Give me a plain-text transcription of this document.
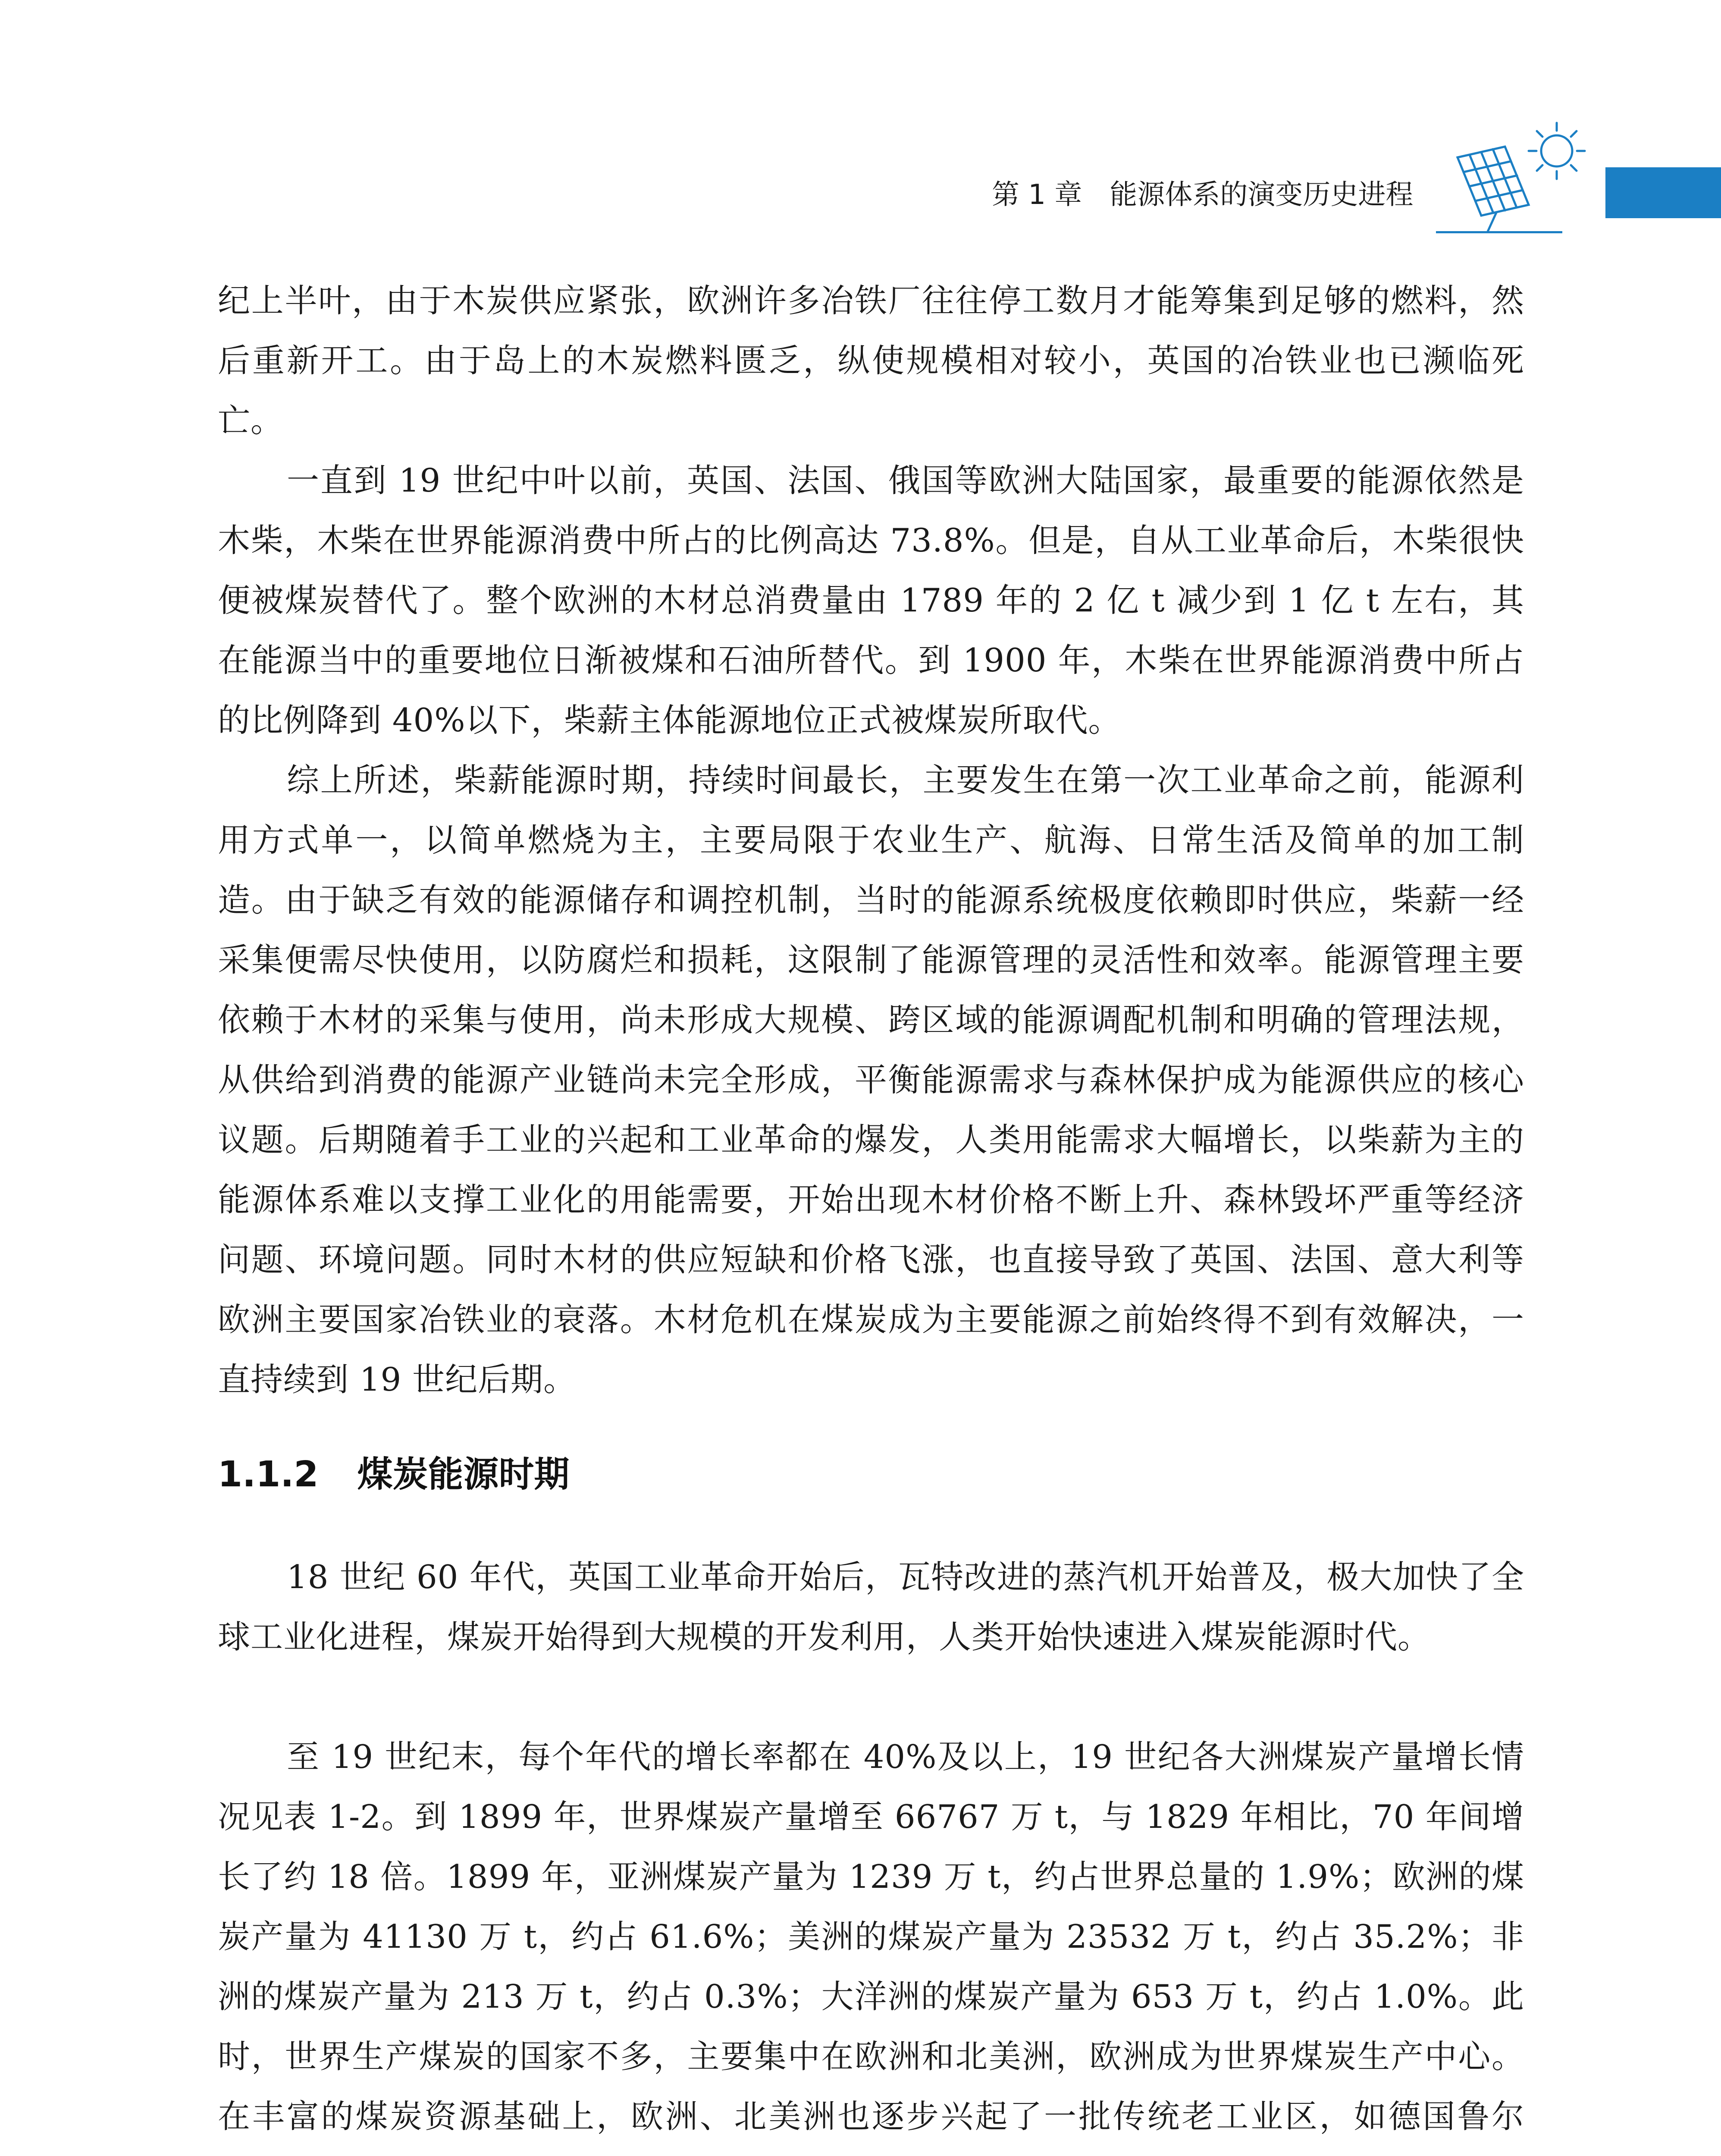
第 1 章　能源体系的演变历史进程

纪上半叶，由于木炭供应紧张，欧洲许多冶铁厂往往停工数月才能筹集到足够的燃料，然后重新开工。由于岛上的木炭燃料匮乏，纵使规模相对较小，英国的冶铁业也已濒临死亡。

一直到 19 世纪中叶以前，英国、法国、俄国等欧洲大陆国家，最重要的能源依然是木柴，木柴在世界能源消费中所占的比例高达 73.8%。但是，自从工业革命后，木柴很快便被煤炭替代了。整个欧洲的木材总消费量由 1789 年的 2 亿 t 减少到 1 亿 t 左右，其在能源当中的重要地位日渐被煤和石油所替代。到 1900 年，木柴在世界能源消费中所占的比例降到 40%以下，柴薪主体能源地位正式被煤炭所取代。

综上所述，柴薪能源时期，持续时间最长，主要发生在第一次工业革命之前，能源利用方式单一，以简单燃烧为主，主要局限于农业生产、航海、日常生活及简单的加工制造。由于缺乏有效的能源储存和调控机制，当时的能源系统极度依赖即时供应，柴薪一经采集便需尽快使用，以防腐烂和损耗，这限制了能源管理的灵活性和效率。能源管理主要依赖于木材的采集与使用，尚未形成大规模、跨区域的能源调配机制和明确的管理法规，从供给到消费的能源产业链尚未完全形成，平衡能源需求与森林保护成为能源供应的核心议题。后期随着手工业的兴起和工业革命的爆发，人类用能需求大幅增长，以柴薪为主的能源体系难以支撑工业化的用能需要，开始出现木材价格不断上升、森林毁坏严重等经济问题、环境问题。同时木材的供应短缺和价格飞涨，也直接导致了英国、法国、意大利等欧洲主要国家冶铁业的衰落。木材危机在煤炭成为主要能源之前始终得不到有效解决，一直持续到 19 世纪后期。

1.1.2 煤炭能源时期

18 世纪 60 年代，英国工业革命开始后，瓦特改进的蒸汽机开始普及，极大加快了全球工业化进程，煤炭开始得到大规模的开发利用，人类开始快速进入煤炭能源时代。

至 19 世纪末，每个年代的增长率都在 40%及以上，19 世纪各大洲煤炭产量增长情况见表 1-2。到 1899 年，世界煤炭产量增至 66767 万 t，与 1829 年相比，70 年间增长了约 18 倍。1899 年，亚洲煤炭产量为 1239 万 t，约占世界总量的 1.9%；欧洲的煤炭产量为 41130 万 t，约占 61.6%；美洲的煤炭产量为 23532 万 t，约占 35.2%；非洲的煤炭产量为 213 万 t，约占 0.3%；大洋洲的煤炭产量为 653 万 t，约占 1.0%。此时，世界生产煤炭的国家不多，主要集中在欧洲和北美洲，欧洲成为世界煤炭生产中心。在丰富的煤炭资源基础上，欧洲、北美洲也逐步兴起了一批传统老工业区，如德国鲁尔
